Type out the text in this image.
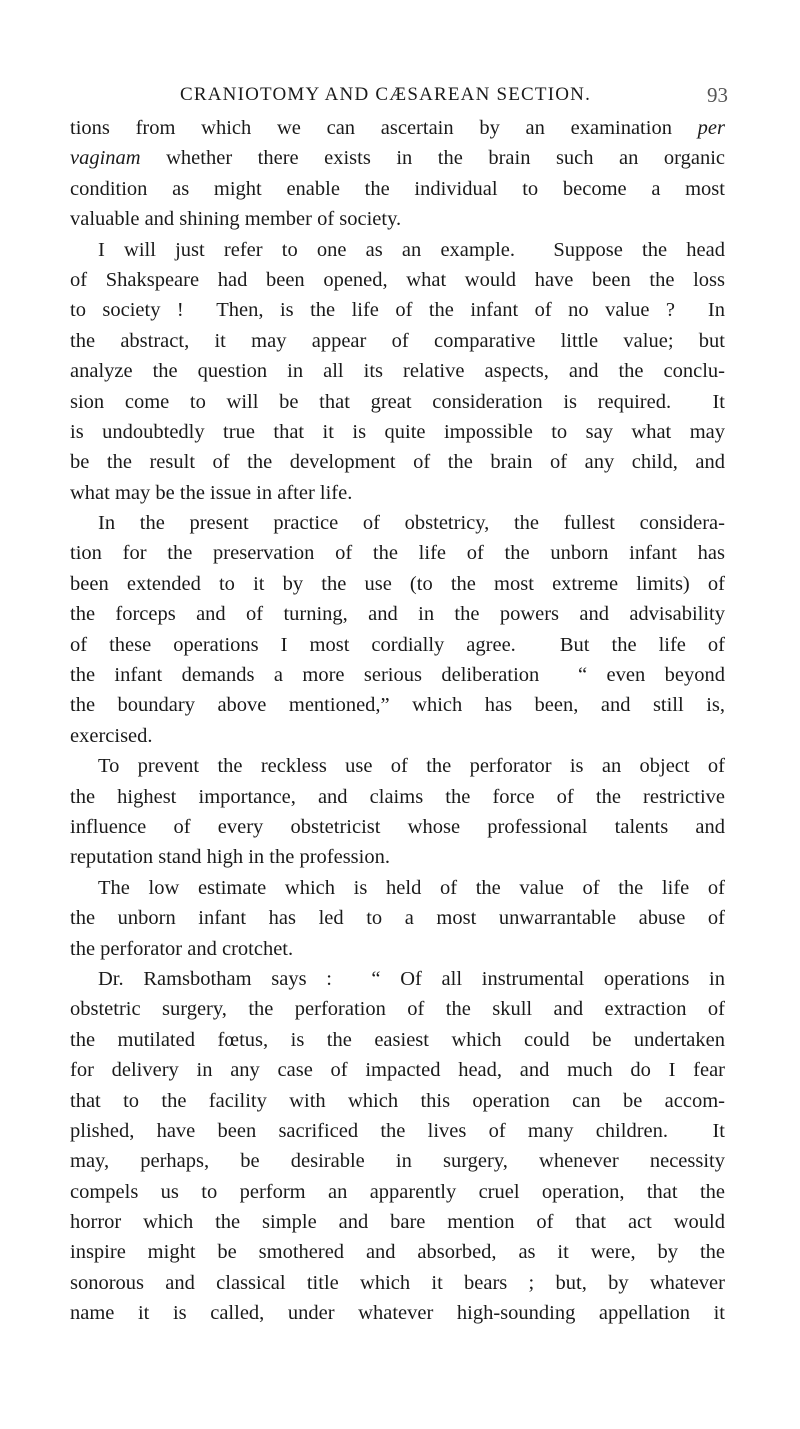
CRANIOTOMY AND CÆSAREAN SECTION.	93
tions from which we can ascertain by an examination per
vaginam whether there exists in the brain such an organic
condition as might enable the individual to become a most
valuable and shining member of society.
I will just refer to one as an example.  Suppose the head
of Shakspeare had been opened, what would have been the loss
to society !  Then, is the life of the infant of no value ?  In
the abstract, it may appear of comparative little value; but
analyze the question in all its relative aspects, and the conclu-
sion come to will be that great consideration is required.  It
is undoubtedly true that it is quite impossible to say what may
be the result of the development of the brain of any child, and
what may be the issue in after life.
In the present practice of obstetricy, the fullest considera-
tion for the preservation of the life of the unborn infant has
been extended to it by the use (to the most extreme limits) of
the forceps and of turning, and in the powers and advisability
of these operations I most cordially agree.  But the life of
the infant demands a more serious deliberation  “ even beyond
the boundary above mentioned,” which has been, and still is,
exercised.
To prevent the reckless use of the perforator is an object of
the highest importance, and claims the force of the restrictive
influence of every obstetricist whose professional talents and
reputation stand high in the profession.
The low estimate which is held of the value of the life of
the unborn infant has led to a most unwarrantable abuse of
the perforator and crotchet.
Dr. Ramsbotham says :  “ Of all instrumental operations in
obstetric surgery, the perforation of the skull and extraction of
the mutilated fœtus, is the easiest which could be undertaken
for delivery in any case of impacted head, and much do I fear
that to the facility with which this operation can be accom-
plished, have been sacrificed the lives of many children.  It
may, perhaps, be desirable in surgery, whenever necessity
compels us to perform an apparently cruel operation, that the
horror which the simple and bare mention of that act would
inspire might be smothered and absorbed, as it were, by the
sonorous and classical title which it bears ; but, by whatever
name it is called, under whatever high-sounding appellation it
